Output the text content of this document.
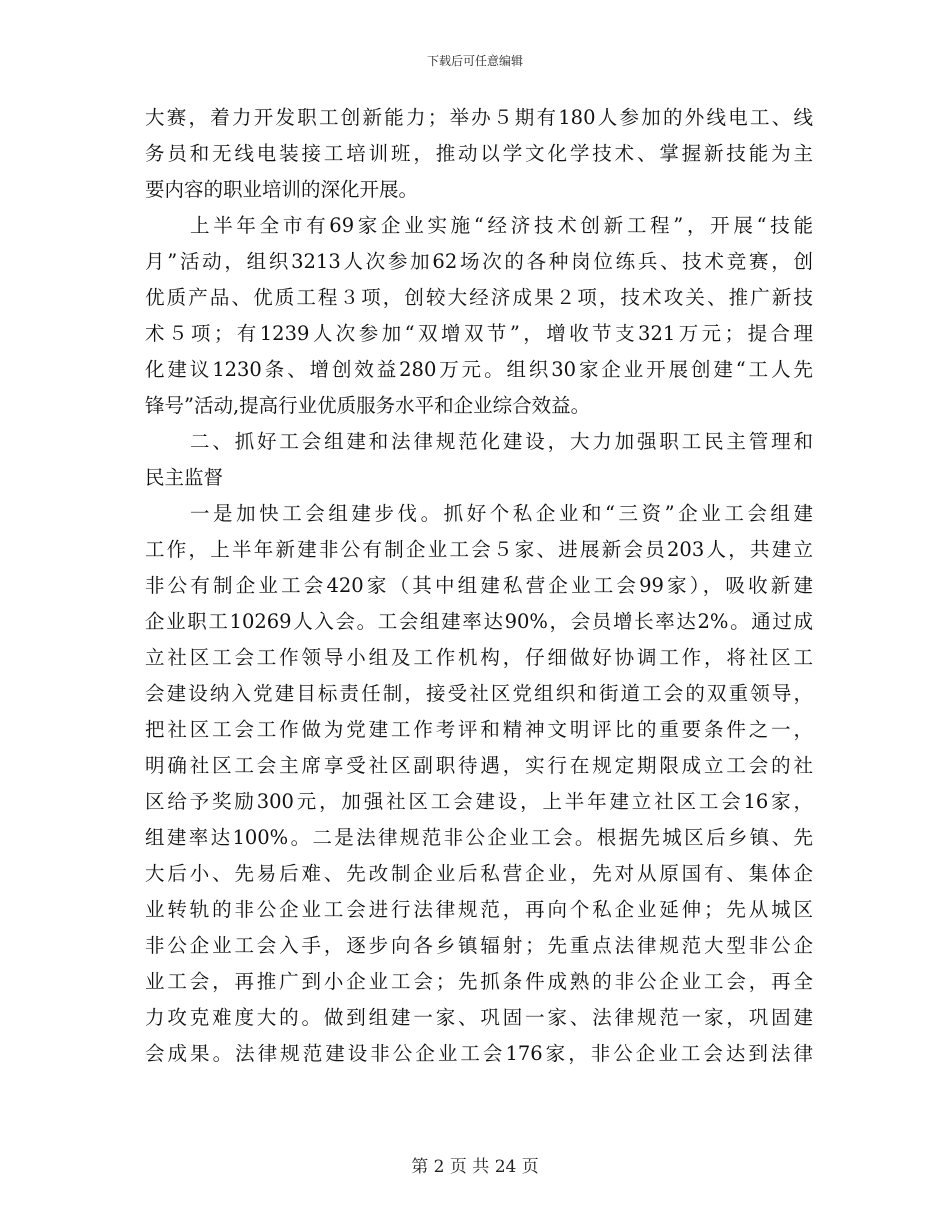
下载后可任意编辑
大赛，着力开发职工创新能力；举办５期有180人参加的外线电工、线
务员和无线电装接工培训班，推动以学文化学技术、掌握新技能为主
要内容的职业培训的深化开展。
上半年全市有69家企业实施“经济技术创新工程”，开展“技能
月”活动，组织3213人次参加62场次的各种岗位练兵、技术竞赛，创
优质产品、优质工程３项，创较大经济成果２项，技术攻关、推广新技
术５项；有1239人次参加“双增双节”，增收节支321万元；提合理
化建议1230条、增创效益280万元。组织30家企业开展创建“工人先
锋号”活动,提高行业优质服务水平和企业综合效益。
二、抓好工会组建和法律规范化建设，大力加强职工民主管理和
民主监督
一是加快工会组建步伐。抓好个私企业和“三资”企业工会组建
工作，上半年新建非公有制企业工会５家、进展新会员203人，共建立
非公有制企业工会420家（其中组建私营企业工会99家），吸收新建
企业职工10269人入会。工会组建率达90%，会员增长率达2%。通过成
立社区工会工作领导小组及工作机构，仔细做好协调工作，将社区工
会建设纳入党建目标责任制，接受社区党组织和街道工会的双重领导，
把社区工会工作做为党建工作考评和精神文明评比的重要条件之一，
明确社区工会主席享受社区副职待遇，实行在规定期限成立工会的社
区给予奖励300元，加强社区工会建设，上半年建立社区工会16家，
组建率达100%。二是法律规范非公企业工会。根据先城区后乡镇、先
大后小、先易后难、先改制企业后私营企业，先对从原国有、集体企
业转轨的非公企业工会进行法律规范，再向个私企业延伸；先从城区
非公企业工会入手，逐步向各乡镇辐射；先重点法律规范大型非公企
业工会，再推广到小企业工会；先抓条件成熟的非公企业工会，再全
力攻克难度大的。做到组建一家、巩固一家、法律规范一家，巩固建
会成果。法律规范建设非公企业工会176家，非公企业工会达到法律
第 2 页 共 24 页
